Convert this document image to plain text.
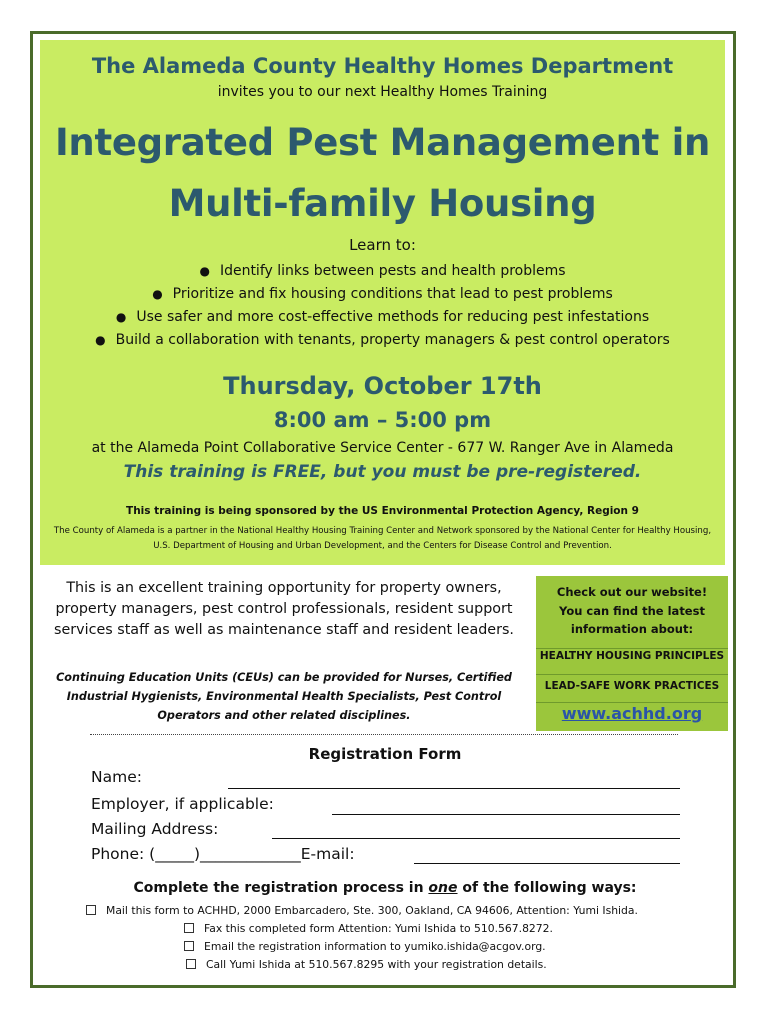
The Alameda County Healthy Homes Department
invites you to our next Healthy Homes Training
Integrated Pest Management in
Multi-family Housing
Learn to:
● Identify links between pests and health problems
● Prioritize and fix housing conditions that lead to pest problems
● Use safer and more cost-effective methods for reducing pest infestations
● Build a collaboration with tenants, property managers & pest control operators
Thursday, October 17th
8:00 am – 5:00 pm
at the Alameda Point Collaborative Service Center - 677 W. Ranger Ave in Alameda
This training is FREE, but you must be pre-registered.
This training is being sponsored by the US Environmental Protection Agency, Region 9
The County of Alameda is a partner in the National Healthy Housing Training Center and Network sponsored by the National Center for Healthy Housing, U.S. Department of Housing and Urban Development, and the Centers for Disease Control and Prevention.
This is an excellent training opportunity for property owners, property managers, pest control professionals, resident support services staff as well as maintenance staff and resident leaders.
Continuing Education Units (CEUs) can be provided for Nurses, Certified Industrial Hygienists, Environmental Health Specialists, Pest Control Operators and other related disciplines.
Check out our website!
You can find the latest
information about:
HEALTHY HOUSING PRINCIPLES
LEAD-SAFE WORK PRACTICES
www.achhd.org
Registration Form
Name:
Employer, if applicable:
Mailing Address:
Phone: (_____)_____________E-mail:
Complete the registration process in one of the following ways:
Mail this form to ACHHD, 2000 Embarcadero, Ste. 300, Oakland, CA 94606, Attention: Yumi Ishida.
Fax this completed form Attention: Yumi Ishida to 510.567.8272.
Email the registration information to yumiko.ishida@acgov.org.
Call Yumi Ishida at 510.567.8295 with your registration details.
